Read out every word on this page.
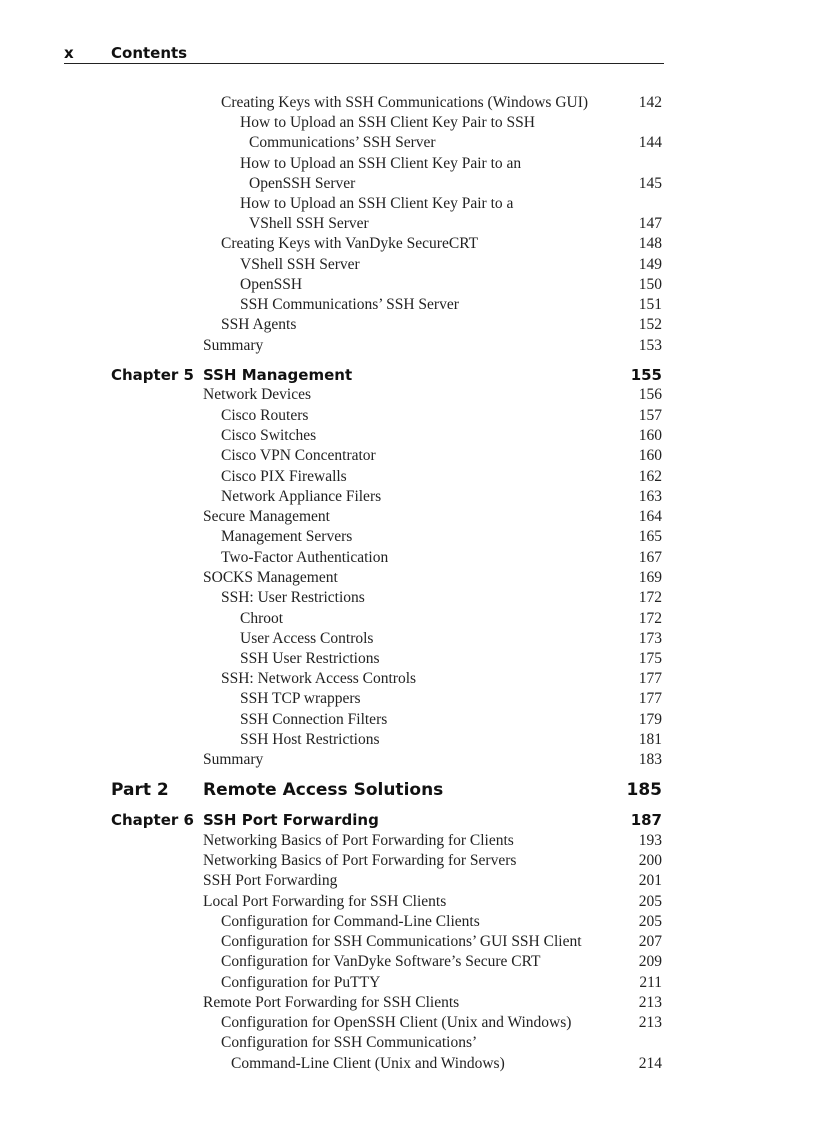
x Contents
Creating Keys with SSH Communications (Windows GUI)	142
How to Upload an SSH Client Key Pair to SSH
Communications’ SSH Server	144
How to Upload an SSH Client Key Pair to an
OpenSSH Server	145
How to Upload an SSH Client Key Pair to a
VShell SSH Server	147
Creating Keys with VanDyke SecureCRT	148
VShell SSH Server	149
OpenSSH	150
SSH Communications’ SSH Server	151
SSH Agents	152
Summary	153
Chapter 5 SSH Management	155
Network Devices	156
Cisco Routers	157
Cisco Switches	160
Cisco VPN Concentrator	160
Cisco PIX Firewalls	162
Network Appliance Filers	163
Secure Management	164
Management Servers	165
Two-Factor Authentication	167
SOCKS Management	169
SSH: User Restrictions	172
Chroot	172
User Access Controls	173
SSH User Restrictions	175
SSH: Network Access Controls	177
SSH TCP wrappers	177
SSH Connection Filters	179
SSH Host Restrictions	181
Summary	183
Part 2 Remote Access Solutions	185
Chapter 6 SSH Port Forwarding	187
Networking Basics of Port Forwarding for Clients	193
Networking Basics of Port Forwarding for Servers	200
SSH Port Forwarding	201
Local Port Forwarding for SSH Clients	205
Configuration for Command-Line Clients	205
Configuration for SSH Communications’ GUI SSH Client	207
Configuration for VanDyke Software’s Secure CRT	209
Configuration for PuTTY	211
Remote Port Forwarding for SSH Clients	213
Configuration for OpenSSH Client (Unix and Windows)	213
Configuration for SSH Communications’
Command-Line Client (Unix and Windows)	214
